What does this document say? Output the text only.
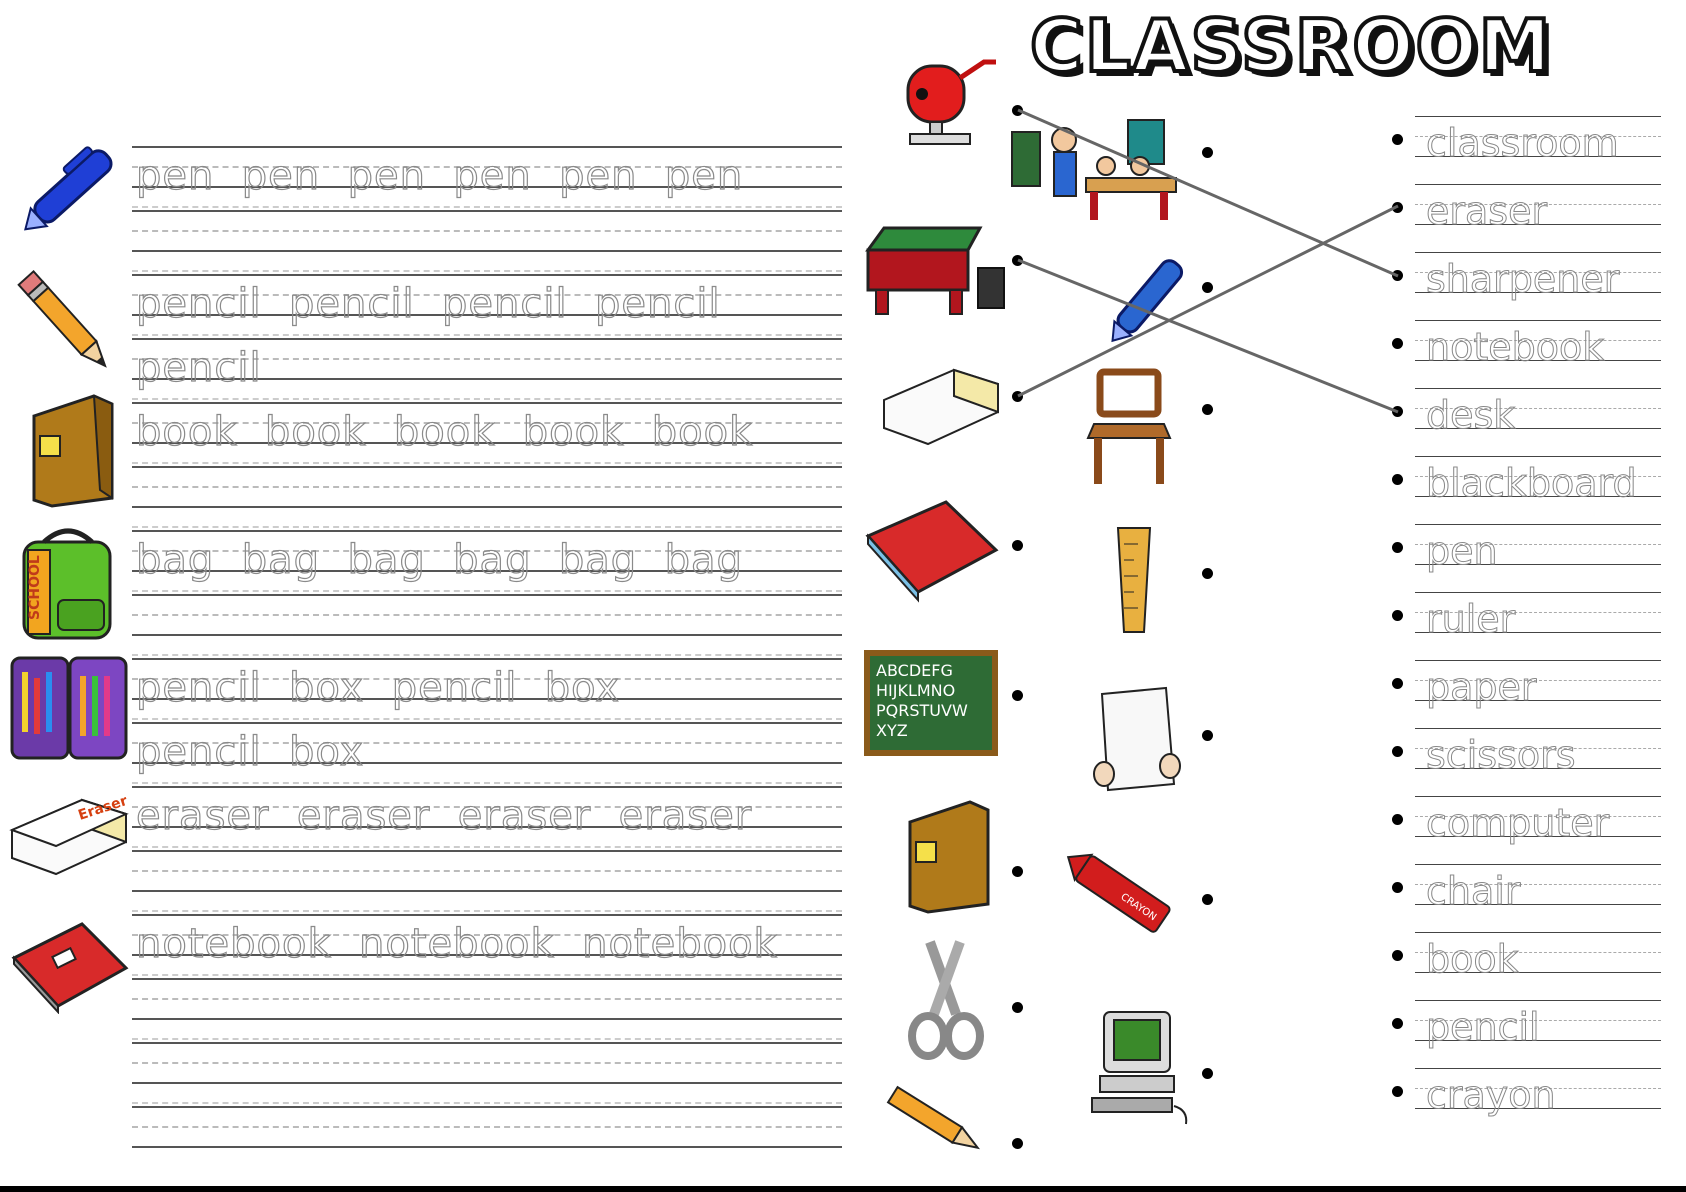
pen  pen  pen  pen  pen  pen
pencil  pencil  pencil  pencil
pencil
book  book  book  book  book
bag  bag  bag  bag  bag  bag
pencil  box  pencil  box
pencil  box
eraser  eraser  eraser  eraser
notebook  notebook  notebook
SCHOOL
Eraser
CLASSROOM
classroom
eraser
sharpener
notebook
desk
blackboard
pen
ruler
paper
scissors
computer
chair
book
pencil
crayon
ABCDEFG
HIJKLMNO
PQRSTUVW
XYZ
CRAYON
